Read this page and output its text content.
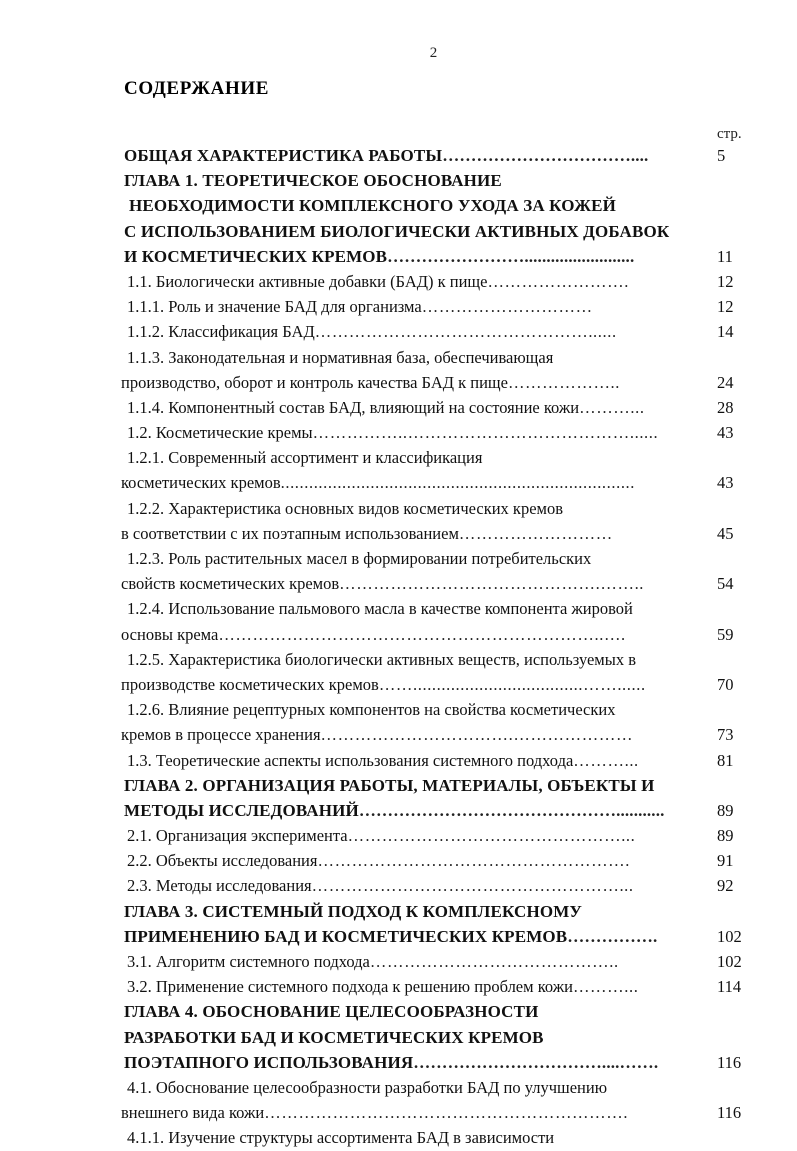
2
СОДЕРЖАНИЕ
стр.
ОБЩАЯ ХАРАКТЕРИСТИКА РАБОТЫ ……………………………....	5
ГЛАВА 1. ТЕОРЕТИЧЕСКОЕ ОБОСНОВАНИЕ
НЕОБХОДИМОСТИ КОМПЛЕКСНОГО УХОДА ЗА КОЖЕЙ
С ИСПОЛЬЗОВАНИЕМ БИОЛОГИЧЕСКИ АКТИВНЫХ ДОБАВОК
И КОСМЕТИЧЕСКИХ КРЕМОВ …………………….........................	11
1.1. Биологически активные добавки (БАД) к пище …………………….	12
1.1.1. Роль и значение БАД для организма …………………………	12
1.1.2. Классификация БАД …………………………………………......	14
1.1.3. Законодательная и нормативная база, обеспечивающая
производство, оборот и контроль качества БАД к пище ………………..	24
1.1.4. Компонентный состав БАД, влияющий на состояние кожи ………...	28
1.2. Косметические кремы ……………..…………………………………......	43
1.2.1. Современный ассортимент и классификация
косметических кремов ...........................................................................	43
1.2.2. Характеристика основных видов косметических кремов
в соответствии с их поэтапным использованием ………………………	45
1.2.3. Роль растительных масел в формировании потребительских
свойств косметических кремов ……………………………………….……..	54
1.2.4. Использование пальмового масла в качестве компонента жировой
основы крема …………………………………………………………..….	59
1.2.5. Характеристика биологически активных веществ, используемых в
производстве косметических кремов ……....................................……......	70
1.2.6. Влияние рецептурных компонентов на свойства косметических
кремов в процессе хранения …………………………….…………………	73
1.3. Теоретические аспекты использования системного подхода ………...	81
ГЛАВА 2. ОРГАНИЗАЦИЯ РАБОТЫ, МАТЕРИАЛЫ, ОБЪЕКТЫ И
МЕТОДЫ ИССЛЕДОВАНИЙ ………………………………………...........	89
2.1. Организация эксперимента …………………………………………...	89
2.2. Объекты исследования ……………………………………………….	91
2.3. Методы исследования ………………………………………………...	92
ГЛАВА 3. СИСТЕМНЫЙ ПОДХОД К КОМПЛЕКСНОМУ
ПРИМЕНЕНИЮ БАД И КОСМЕТИЧЕСКИХ КРЕМОВ …………….	102
3.1. Алгоритм системного подхода ……………………………………..	102
3.2. Применение системного подхода к решению проблем кожи ………...	114
ГЛАВА 4. ОБОСНОВАНИЕ ЦЕЛЕСООБРАЗНОСТИ
РАЗРАБОТКИ БАД И КОСМЕТИЧЕСКИХ КРЕМОВ
ПОЭТАПНОГО ИСПОЛЬЗОВАНИЯ ……………………………....…….	116
4.1. Обоснование целесообразности разработки БАД по улучшению
внешнего вида кожи ……………………………………………………….	116
4.1.1. Изучение структуры ассортимента БАД в зависимости
